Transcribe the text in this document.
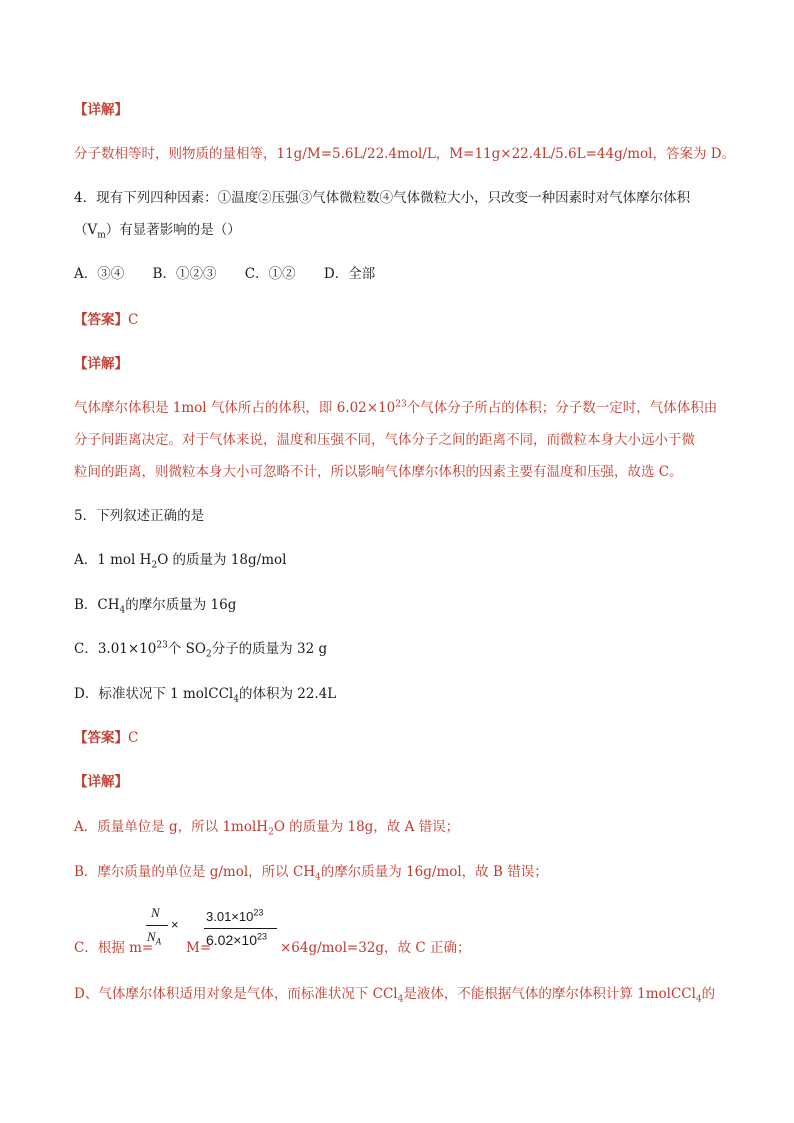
【详解】
分子数相等时，则物质的量相等，11g/M=5.6L/22.4mol/L，M=11g×22.4L/5.6L=44g/mol，答案为 D。
4．现有下列四种因素：①温度②压强③气体微粒数④气体微粒大小，只改变一种因素时对气体摩尔体积
$(V_m)$有显著影响的是（）
A．③④ B．①②③ C．①② D．全部
【答案】C
【详解】
气体摩尔体积是 1mol 气体所占的体积，即 $6.02\times 10^{23}$个气体分子所占的体积；分子数一定时，气体体积由
分子间距离决定。对于气体来说，温度和压强不同，气体分子之间的距离不同，而微粒本身大小远小于微
粒间的距离，则微粒本身大小可忽略不计，所以影响气体摩尔体积的因素主要有温度和压强，故选 C。
5．下列叙述正确的是
A．1 mol $H_2O$ 的质量为 18g/mol
B．$CH_4$的摩尔质量为 16g
C．$3.01\times 10^{23}$个 $SO_2$分子的质量为 32 g
D．标准状况下 1 molCCl$_4$的体积为 22.4L
【答案】C
【详解】
A．质量单位是 g，所以 1molH$_2$O 的质量为 18g，故 A 错误；
B．摩尔质量的单位是 g/mol，所以 $CH_4$的摩尔质量为 16g/mol，故 B 错误；
C．根据 m=
N
$N_A$
×
M=
$3.01\times 10^{23}$
$6.02\times 10^{23}$
×64g/mol=32g，故 C 正确；
D、气体摩尔体积适用对象是气体，而标准状况下 CCl$_4$是液体，不能根据气体的摩尔体积计算 1molCCl$_4$的
